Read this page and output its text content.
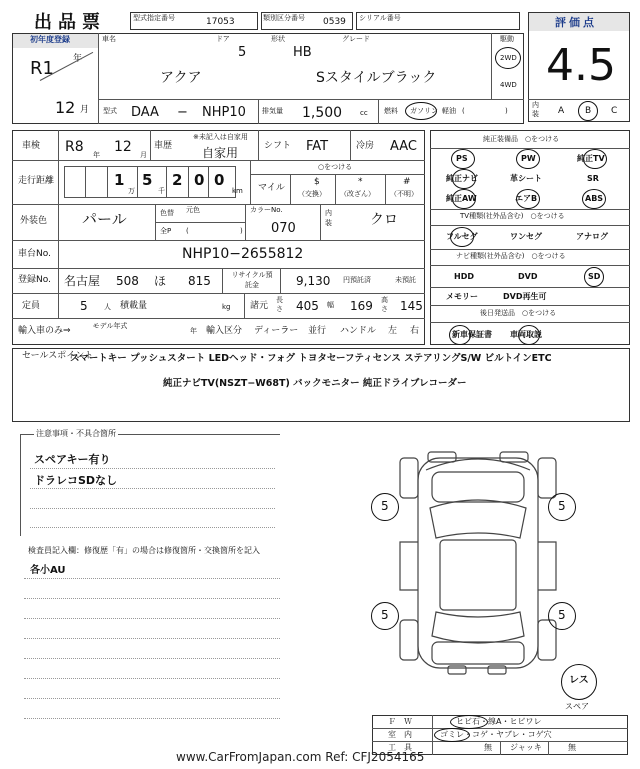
出品票	型式指定番号	17053	類別区分番号 0539 シリアル番号	評価点
4.5
内装 A B C
初年度登録
R1 年
12 月
車名
アクア
ドア
5
形状
HB
グレード
Sスタイルブラック
駆動
2WD
4WD
型式 DAA − NHP10 排気量 1,500	cc 燃料 ガソリン 軽油 (	)
車検 R8 年 12 月
車歴
※未記入は自家用
自家用	シフト FAT	冷房 AAC
走行距離	1
万
5
千
2 0 0
km
○をつける
マイル
$
（交換）
*
（改ざん）
#
（不明）
外装色 パール	色替 元色
全P (	)
カラーNo.
070
内装	クロ
車台No.	NHP10−2655812
登録No. 名古屋 508 ほ 815	リサイクル預託金	9,130 円預託済	未預託
定員	5 人 積載量	kg 諸元
長さ 405 幅 169 高さ 145
輸入車のみ⇒	モデル年式
年 輸入区分 ディーラー 並行 ハンドル 左 右
純正装備品　○をつける
PS	PW	純正TV
純正ナビ	革シート	SR
純正AW	エアB	ABS
TV種類(社外品含む)　○をつける
フルセグ	ワンセグ	アナログ
ナビ種類(社外品含む)　○をつける
HDD	DVD	SD
メモリー	DVD再生可
後日発送品　○をつける
新車保証書 車両取説
セールスポイント
スマートキー プッシュスタート LEDヘッド・フォグ トヨタセーフティセンス ステアリングS/W ビルトインETC
純正ナビTV(NSZT−W68T) バックモニター 純正ドライブレコーダー
注意事項・不具合箇所
スペアキー有り
ドラレコSDなし
検査員記入欄：修復歴「有」の場合は修復箇所・交換箇所を記入
各小AU
5	5
5	5
レス
スペア
Ｆ　Ｗ	ヒビ石・線A・ヒビワレ
室　内	ゴミレ・コゲ・ヤブレ・コゲ穴
工　具	無 ジャッキ	無
www.CarFromJapan.com Ref: CFJ2054165
